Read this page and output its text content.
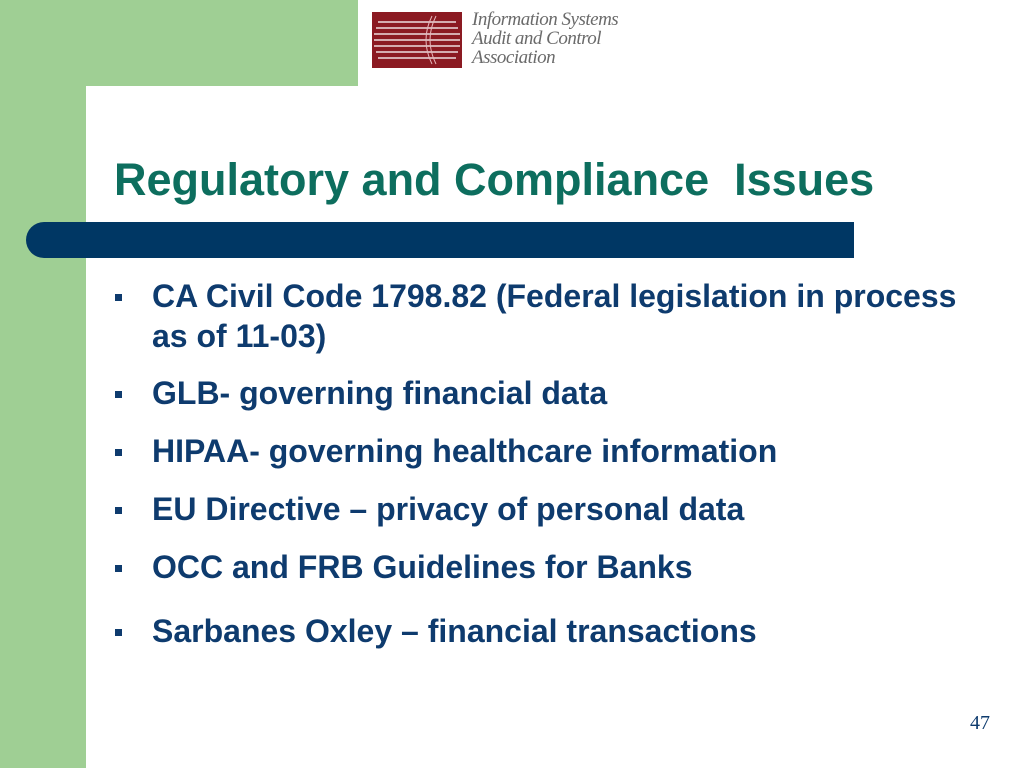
Information Systems
Audit and Control
Association
Regulatory and Compliance  Issues
CA Civil Code 1798.82 (Federal legislation in process as of 11-03)
GLB- governing financial data
HIPAA- governing healthcare information
EU Directive – privacy of personal data
OCC and FRB Guidelines for Banks
Sarbanes Oxley – financial transactions
47
